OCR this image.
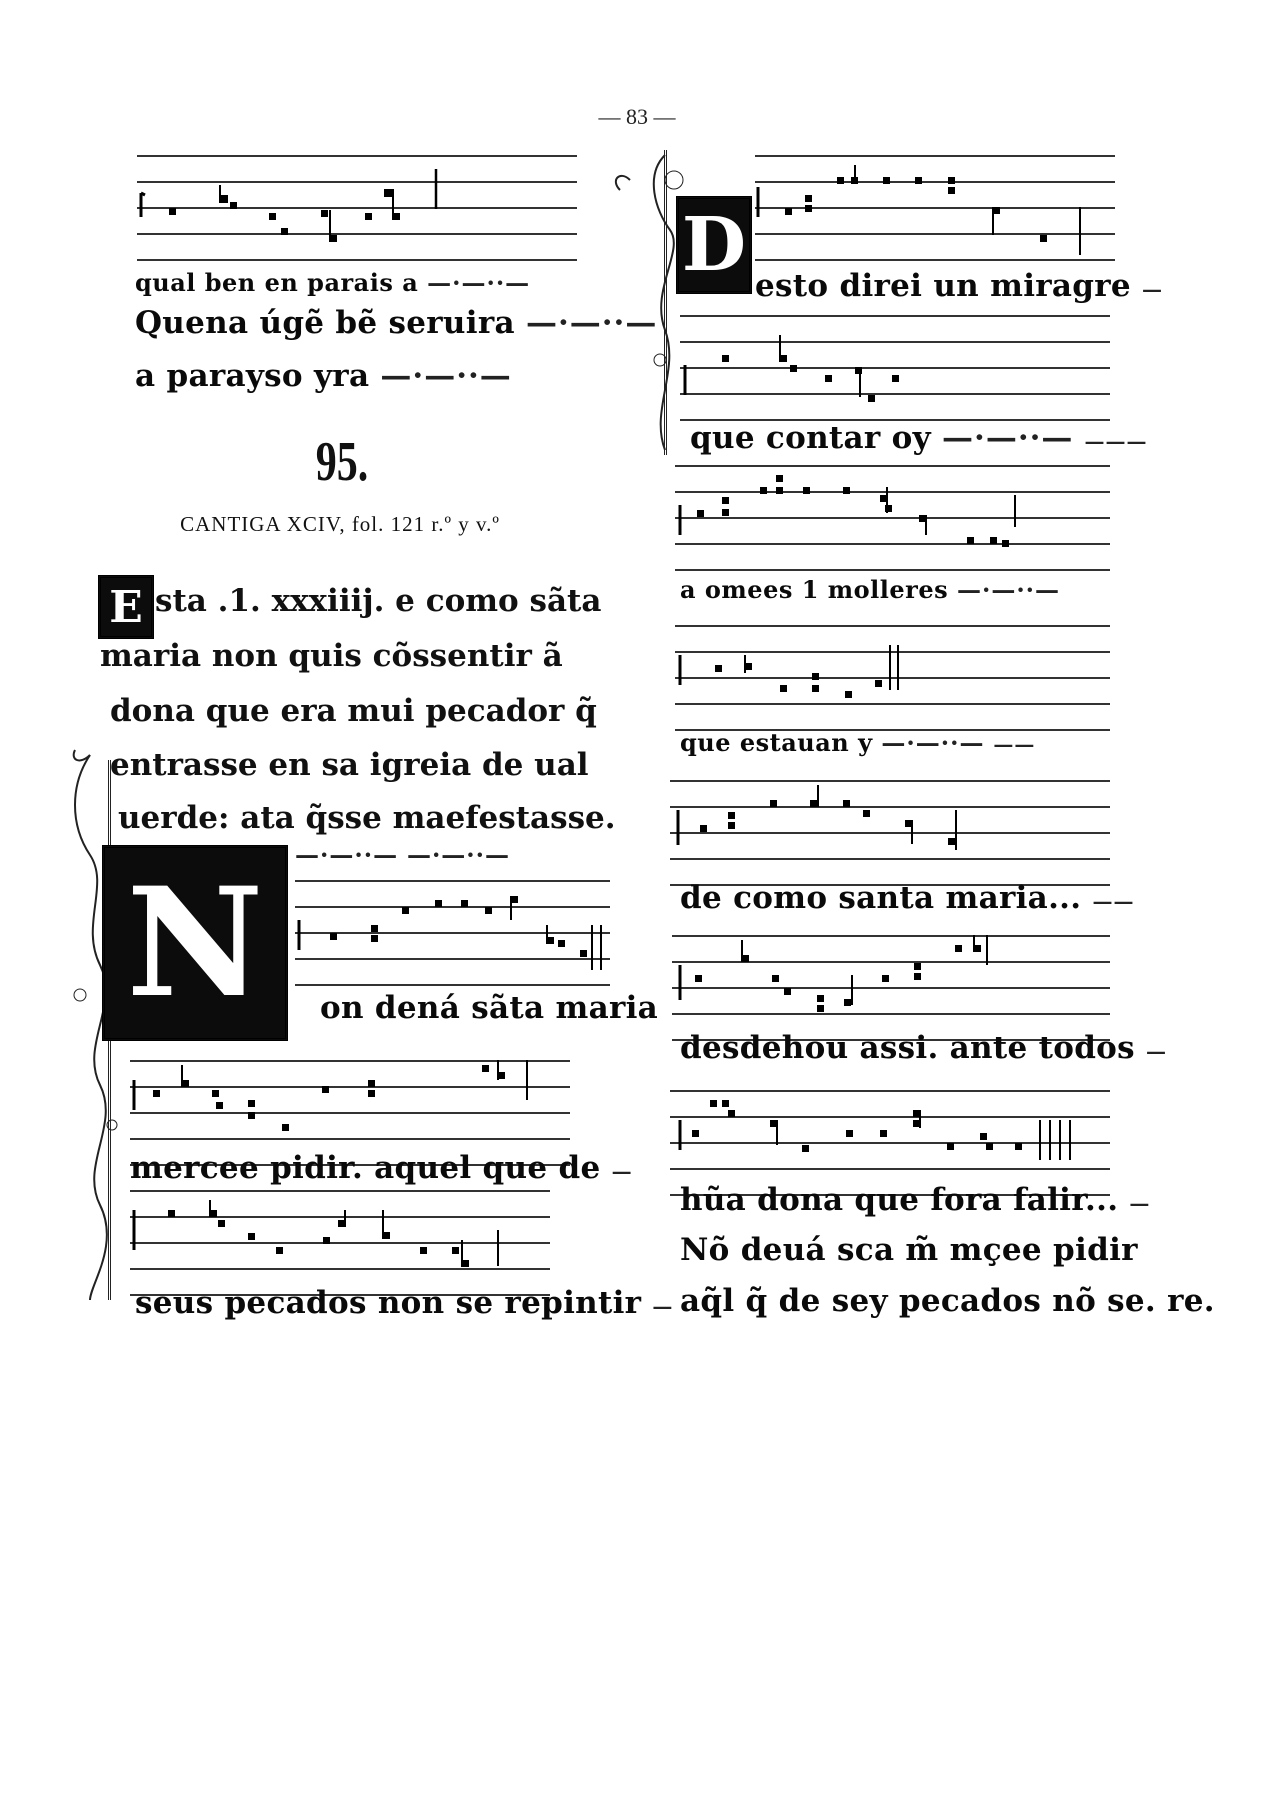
— 83 —
qual ben en parais a —·—··—
Quena úgẽ bẽ seruira —·—··—
a parayso yra —·—··—
95.
CANTIGA XCIV, fol. 121 r.º y v.º
E sta .1. xxxiiij. e como sãta
maria non quis cõssentir ã
dona que era mui pecador q̃
entrasse en sa igreia de ual
uerde: ata q̃sse maefestasse.
N
—·—··— —·—··—
on dená sãta maria
mercee pidir. aquel que de —
seus pecados non se repintir —
D esto direi un miragre —
que contar oy —·—··— ———
a omees 1 molleres —·—··—
que estauan y —·—··— ——
de como santa maria... ——
desdehou assi. ante todos —
hũa dona que fora falir... —
Nõ deuá sca m̃ mçee pidir
aq̃l q̃ de sey pecados nõ se. re.
